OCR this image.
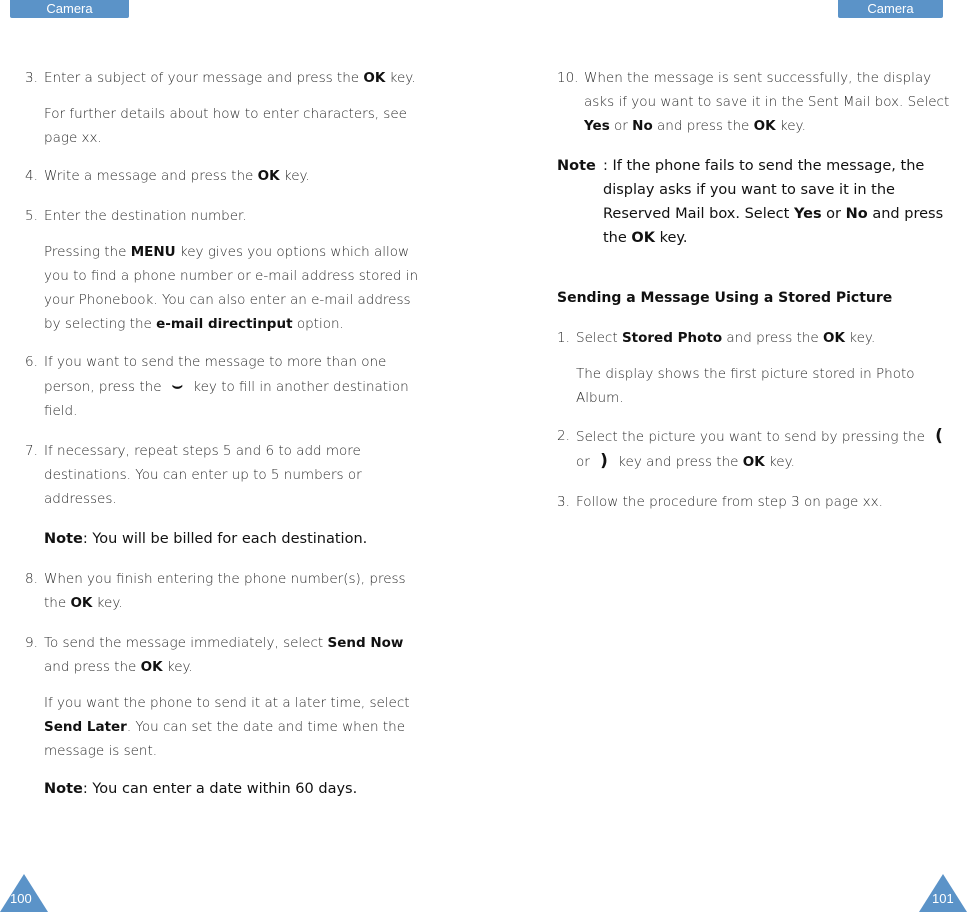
Camera	Camera
3. Enter a subject of your message and press the OK key.
For further details about how to enter characters, see page xx.
4. Write a message and press the OK key.
5. Enter the destination number.
Pressing the MENU key gives you options which allow you to find a phone number or e-mail address stored in your Phonebook. You can also enter an e-mail address by selecting the e-mail directinput option.
6. If you want to send the message to more than one person, press the ⌣ key to fill in another destination field.
7. If necessary, repeat steps 5 and 6 to add more destinations. You can enter up to 5 numbers or addresses.
Note: You will be billed for each destination.
8. When you finish entering the phone number(s), press the OK key.
9. To send the message immediately, select Send Now and press the OK key.
If you want the phone to send it at a later time, select Send Later. You can set the date and time when the message is sent.
Note: You can enter a date within 60 days.
10. When the message is sent successfully, the display asks if you want to save it in the Sent Mail box. Select Yes or No and press the OK key.
Note : If the phone fails to send the message, the display asks if you want to save it in the Reserved Mail box. Select Yes or No and press the OK key.
Sending a Message Using a Stored Picture
1. Select Stored Photo and press the OK key.
The display shows the first picture stored in Photo Album.
2. Select the picture you want to send by pressing the ( or ) key and press the OK key.
3. Follow the procedure from step 3 on page xx.
100	101
